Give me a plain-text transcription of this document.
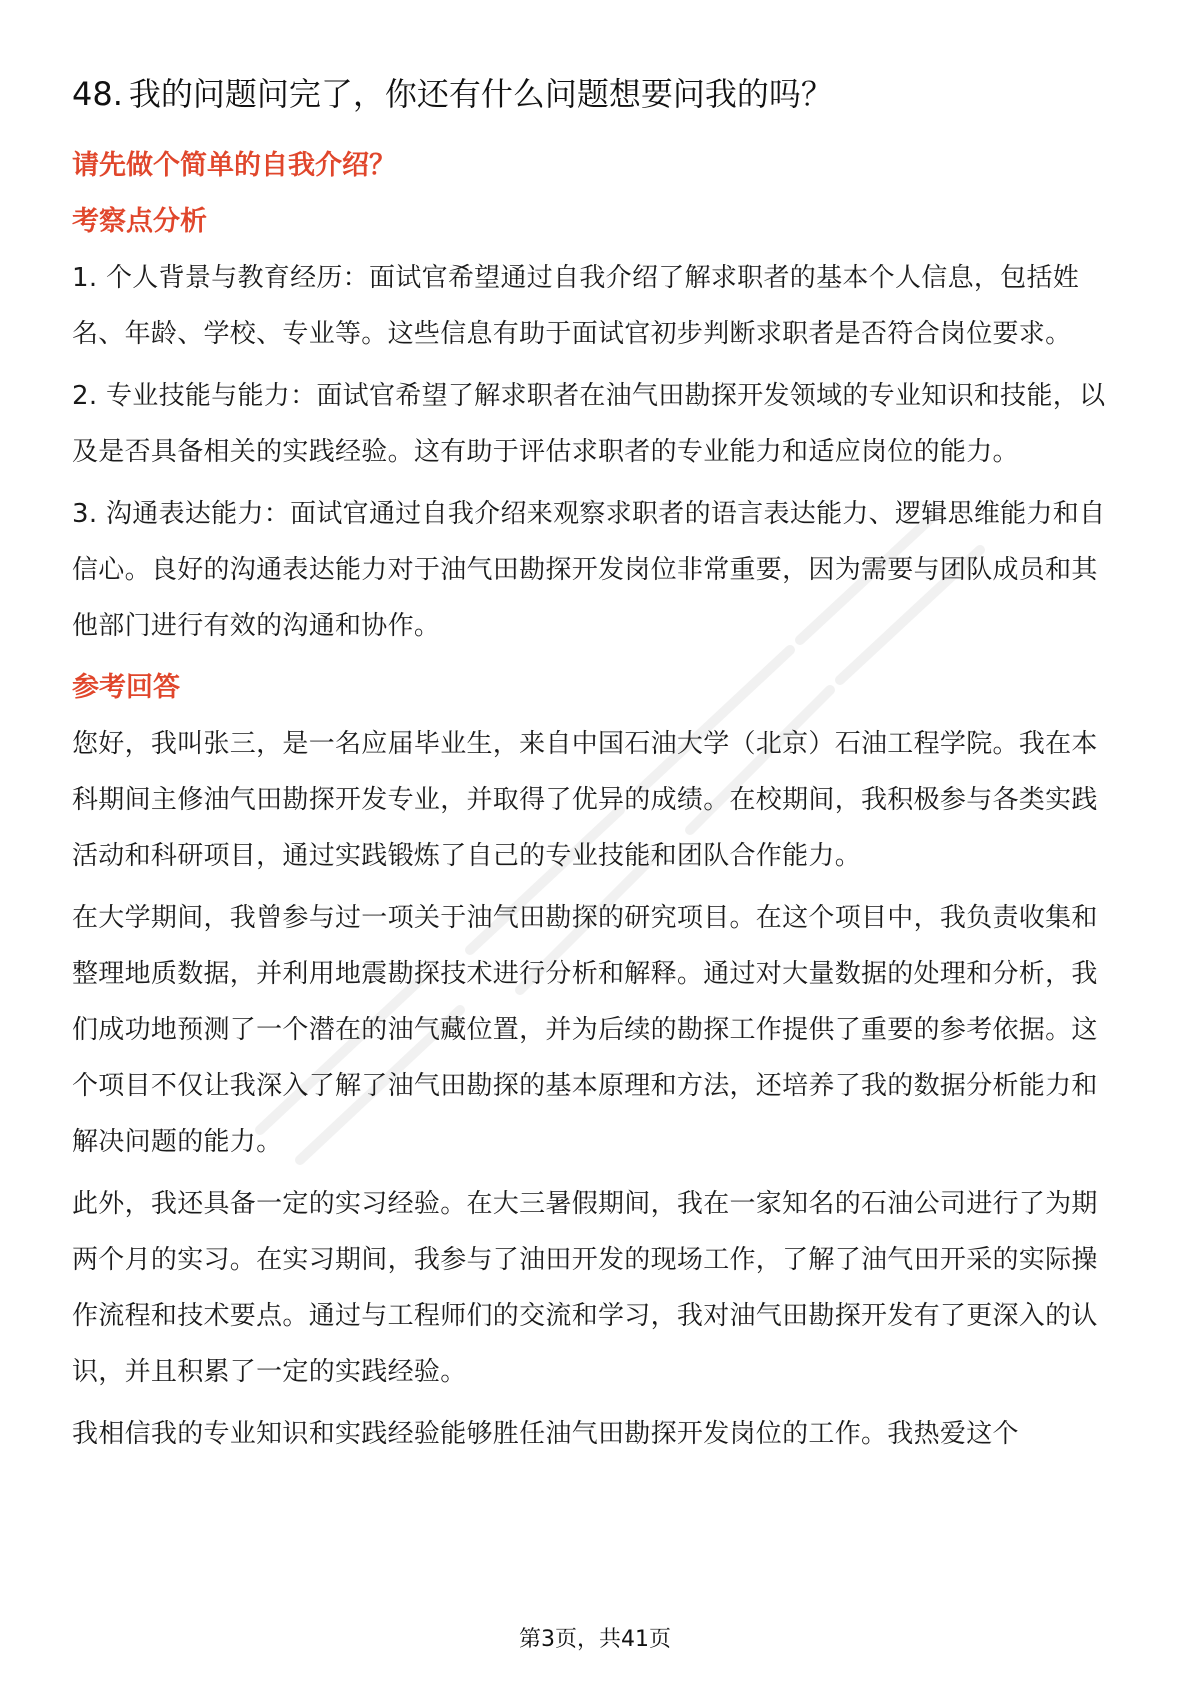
48. 我的问题问完了，你还有什么问题想要问我的吗？
请先做个简单的自我介绍？
考察点分析

1. 个人背景与教育经历：面试官希望通过自我介绍了解求职者的基本个人信息，包括姓名、年龄、学校、专业等。这些信息有助于面试官初步判断求职者是否符合岗位要求。

2. 专业技能与能力：面试官希望了解求职者在油气田勘探开发领域的专业知识和技能，以及是否具备相关的实践经验。这有助于评估求职者的专业能力和适应岗位的能力。

3. 沟通表达能力：面试官通过自我介绍来观察求职者的语言表达能力、逻辑思维能力和自信心。良好的沟通表达能力对于油气田勘探开发岗位非常重要，因为需要与团队成员和其他部门进行有效的沟通和协作。

参考回答

您好，我叫张三，是一名应届毕业生，来自中国石油大学（北京）石油工程学院。我在本科期间主修油气田勘探开发专业，并取得了优异的成绩。在校期间，我积极参与各类实践活动和科研项目，通过实践锻炼了自己的专业技能和团队合作能力。

在大学期间，我曾参与过一项关于油气田勘探的研究项目。在这个项目中，我负责收集和整理地质数据，并利用地震勘探技术进行分析和解释。通过对大量数据的处理和分析，我们成功地预测了一个潜在的油气藏位置，并为后续的勘探工作提供了重要的参考依据。这个项目不仅让我深入了解了油气田勘探的基本原理和方法，还培养了我的数据分析能力和解决问题的能力。

此外，我还具备一定的实习经验。在大三暑假期间，我在一家知名的石油公司进行了为期两个月的实习。在实习期间，我参与了油田开发的现场工作，了解了油气田开采的实际操作流程和技术要点。通过与工程师们的交流和学习，我对油气田勘探开发有了更深入的认识，并且积累了一定的实践经验。

我相信我的专业知识和实践经验能够胜任油气田勘探开发岗位的工作。我热爱这个

第3页，共41页
